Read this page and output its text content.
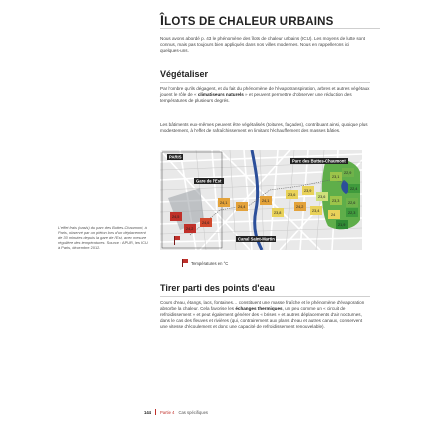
ÎLOTS DE CHALEUR URBAINS
Nous avons abordé p. 43 le phénomène des îlots de chaleur urbains (ICU). Les moyens de lutte sont connus, mais pas toujours bien appliqués dans nos villes modernes. Nous en rappellerons ici quelques-uns.
Végétaliser
Par l'ombre qu'ils dégagent, et du fait du phénomène de l'évapotranspiration, arbres et autres végétaux jouent le rôle de « climatiseurs naturels » et peuvent permettre d'observer une réduction des températures de plusieurs degrés.
Les bâtiments eux-mêmes peuvent être végétalisés (toitures, façades), contribuant ainsi, quoique plus modestement, à l'effet de rafraîchissement en limitant l'échauffement des masses bâties.
L'effet frais (oasis) du parc des Buttes-Chaumont, à Paris, observé par un piéton lors d'un déplacement de 30 minutes depuis la gare de l'Est, avec mesure régulière des températures. Source : APUR, les ICU à Paris, décembre 2012.
24,5
24,2
24,6
24,1
24,4
24,1
23,8
23,6
24,2
23,9
23,4
23,6
24
23,1
23,3
22,9
22,6
22,3
22,4
21,9
PARIS
Gare de l'Est
Parc des Buttes-Chaumont
Canal Saint-Martin
Températures en °C
Tirer parti des points d'eau
Cours d'eau, étangs, lacs, fontaines… constituent une masse fraîche et le phénomène d'évaporation absorbe la chaleur. Cela favorise les échanges thermiques, un peu comme un « circuit de refroidissement » et peut également générer des « brises » et autres déplacements d'air nocturnes, dans le cas des fleuves et rivières (qui, contrairement aux plans d'eau et autres canaux, conservent une vitesse d'écoulement et donc une capacité de refroidissement renouvelable).
144 Partie 4 Cas spécifiques
